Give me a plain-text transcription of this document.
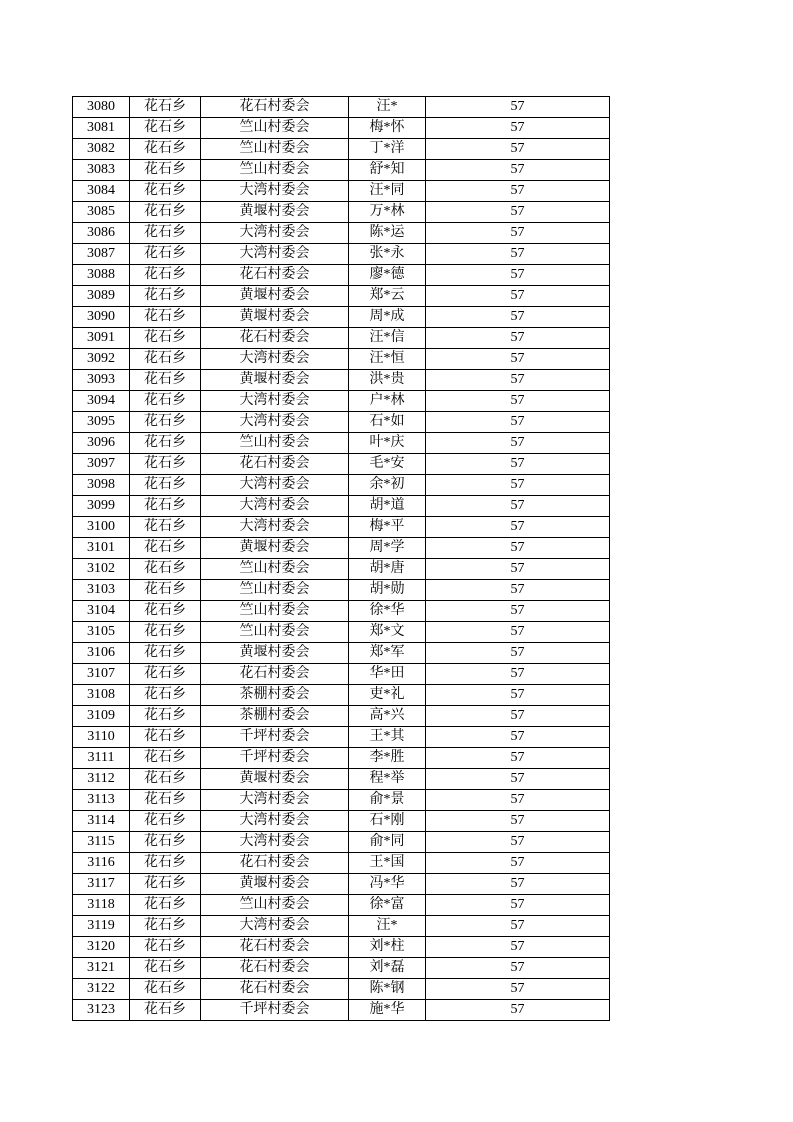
3080	花石乡	花石村委会	汪*	57
3081	花石乡	竺山村委会	梅*怀	57
3082	花石乡	竺山村委会	丁*洋	57
3083	花石乡	竺山村委会	舒*知	57
3084	花石乡	大湾村委会	汪*同	57
3085	花石乡	黄堰村委会	万*林	57
3086	花石乡	大湾村委会	陈*运	57
3087	花石乡	大湾村委会	张*永	57
3088	花石乡	花石村委会	廖*德	57
3089	花石乡	黄堰村委会	郑*云	57
3090	花石乡	黄堰村委会	周*成	57
3091	花石乡	花石村委会	汪*信	57
3092	花石乡	大湾村委会	汪*恒	57
3093	花石乡	黄堰村委会	洪*贵	57
3094	花石乡	大湾村委会	户*林	57
3095	花石乡	大湾村委会	石*如	57
3096	花石乡	竺山村委会	叶*庆	57
3097	花石乡	花石村委会	毛*安	57
3098	花石乡	大湾村委会	余*初	57
3099	花石乡	大湾村委会	胡*道	57
3100	花石乡	大湾村委会	梅*平	57
3101	花石乡	黄堰村委会	周*学	57
3102	花石乡	竺山村委会	胡*唐	57
3103	花石乡	竺山村委会	胡*勋	57
3104	花石乡	竺山村委会	徐*华	57
3105	花石乡	竺山村委会	郑*文	57
3106	花石乡	黄堰村委会	郑*军	57
3107	花石乡	花石村委会	华*田	57
3108	花石乡	茶棚村委会	吏*礼	57
3109	花石乡	茶棚村委会	高*兴	57
3110	花石乡	千坪村委会	王*其	57
3111	花石乡	千坪村委会	李*胜	57
3112	花石乡	黄堰村委会	程*举	57
3113	花石乡	大湾村委会	俞*景	57
3114	花石乡	大湾村委会	石*刚	57
3115	花石乡	大湾村委会	俞*同	57
3116	花石乡	花石村委会	王*国	57
3117	花石乡	黄堰村委会	冯*华	57
3118	花石乡	竺山村委会	徐*富	57
3119	花石乡	大湾村委会	汪*	57
3120	花石乡	花石村委会	刘*柱	57
3121	花石乡	花石村委会	刘*磊	57
3122	花石乡	花石村委会	陈*钢	57
3123	花石乡	千坪村委会	施*华	57
